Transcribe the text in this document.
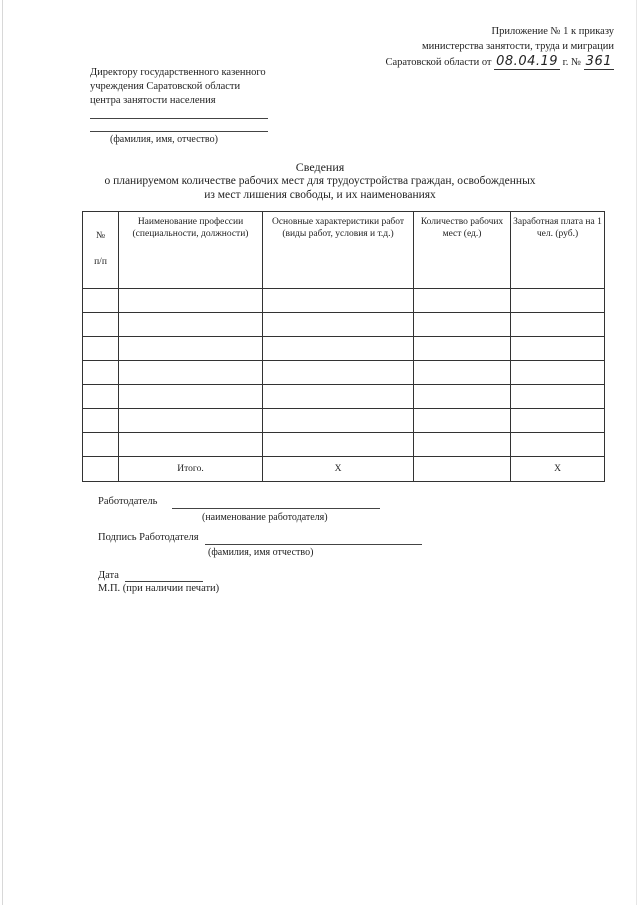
Приложение № 1 к приказу
министерства занятости, труда и миграции
Саратовской области от 08.04.19 г. № 361
Директору государственного казенного
учреждения Саратовской области
центра занятости населения
(фамилия, имя, отчество)
Сведения
о планируемом количестве рабочих мест для трудоустройства граждан, освобожденных
из мест лишения свободы, и их наименованиях
№
п/п	Наименование профессии (специальности, должности)	Основные характеристики работ (виды работ, условия и т.д.)	Количество рабочих мест (ед.)	Заработная плата на 1 чел. (руб.)

	Итого.	X		X
Работодатель
(наименование работодателя)
Подпись Работодателя
(фамилия, имя отчество)
Дата
М.П. (при наличии печати)
